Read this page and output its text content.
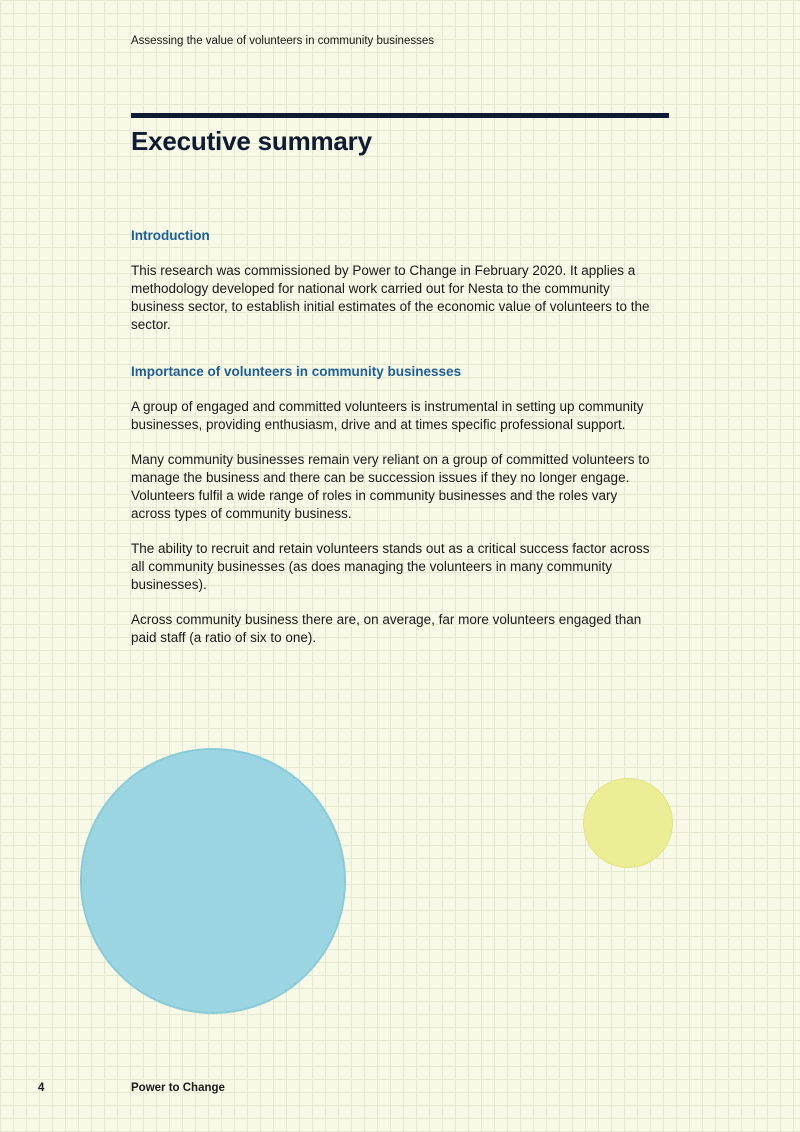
Assessing the value of volunteers in community businesses
Executive summary
Introduction

This research was commissioned by Power to Change in February 2020. It applies a methodology developed for national work carried out for Nesta to the community business sector, to establish initial estimates of the economic value of volunteers to the sector.

Importance of volunteers in community businesses

A group of engaged and committed volunteers is instrumental in setting up community businesses, providing enthusiasm, drive and at times specific professional support.

Many community businesses remain very reliant on a group of committed volunteers to manage the business and there can be succession issues if they no longer engage. Volunteers fulfil a wide range of roles in community businesses and the roles vary across types of community business.

The ability to recruit and retain volunteers stands out as a critical success factor across all community businesses (as does managing the volunteers in many community businesses).

Across community business there are, on average, far more volunteers engaged than paid staff (a ratio of six to one).

4	Power to Change
